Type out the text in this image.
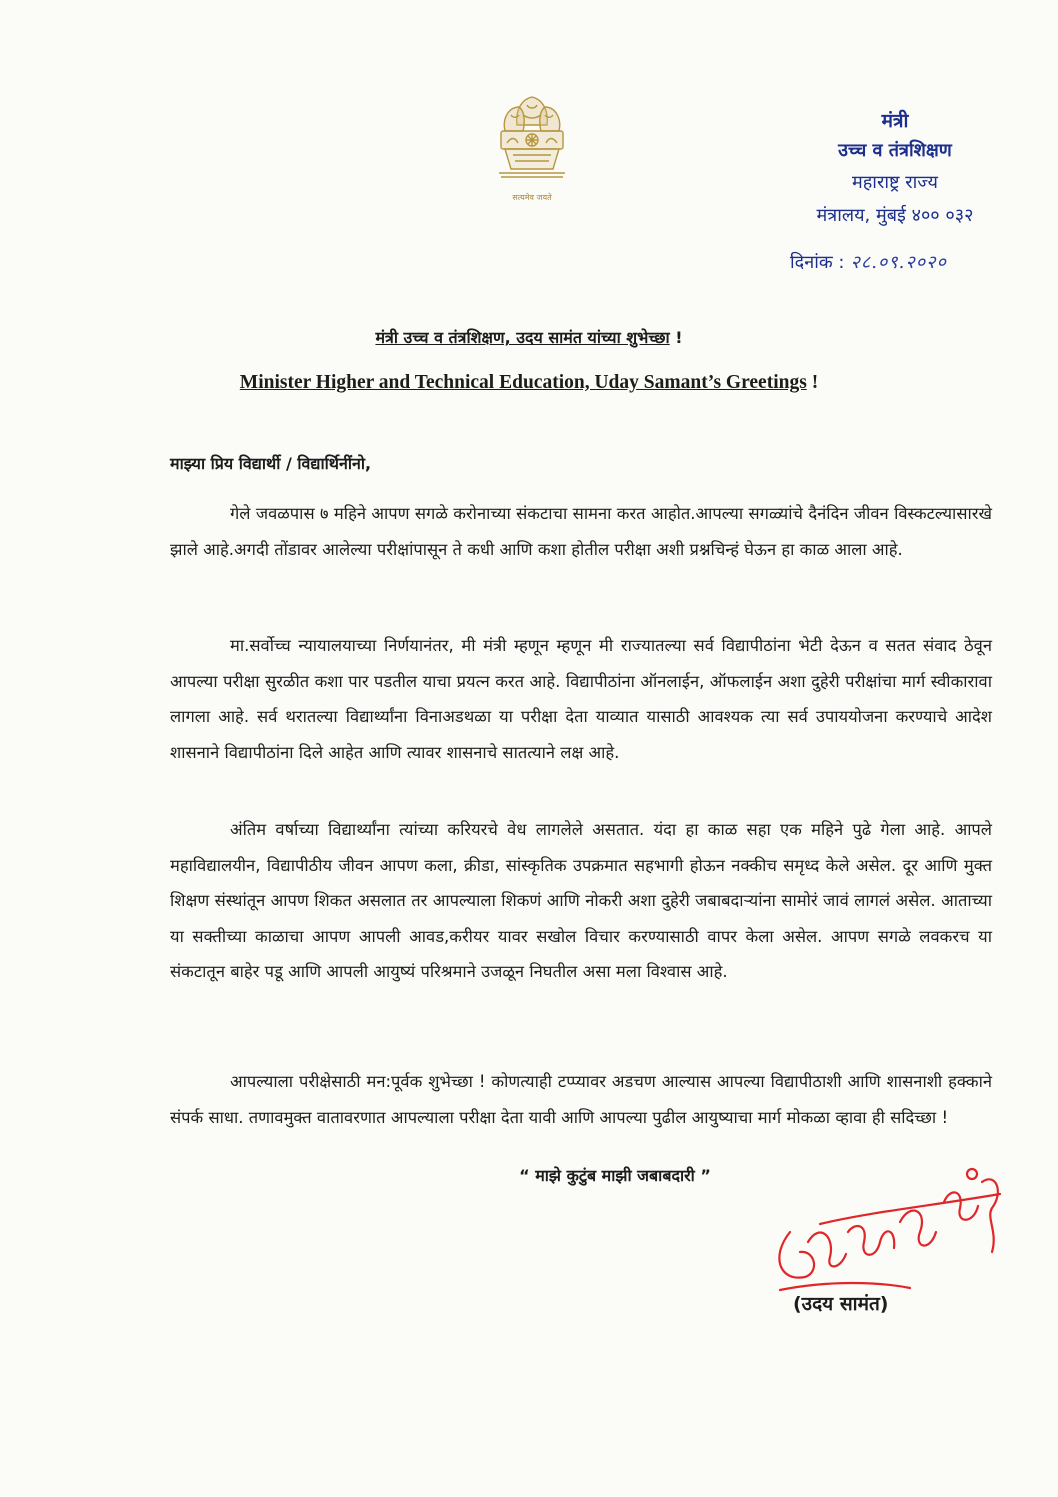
सत्यमेव जयते
मंत्री
उच्च व तंत्रशिक्षण
महाराष्ट्र राज्य
मंत्रालय, मुंबई ४०० ०३२
दिनांक : २८.०९.२०२०
मंत्री उच्च व तंत्रशिक्षण, उदय सामंत यांच्या शुभेच्छा !
Minister Higher and Technical Education, Uday Samant’s Greetings !
माझ्या प्रिय विद्यार्थी / विद्यार्थिनींनो,

गेले जवळपास ७ महिने आपण सगळे करोनाच्या संकटाचा सामना करत आहोत.आपल्या सगळ्यांचे दैनंदिन जीवन विस्कटल्यासारखे झाले आहे.अगदी तोंडावर आलेल्या परीक्षांपासून ते कधी आणि कशा होतील परीक्षा अशी प्रश्नचिन्हं घेऊन हा काळ आला आहे.

मा.सर्वोच्च न्यायालयाच्या निर्णयानंतर, मी मंत्री म्हणून म्हणून मी राज्यातल्या सर्व विद्यापीठांना भेटी देऊन व सतत संवाद ठेवून आपल्या परीक्षा सुरळीत कशा पार पडतील याचा प्रयत्न करत आहे. विद्यापीठांना ऑनलाईन, ऑफलाईन अशा दुहेरी परीक्षांचा मार्ग स्वीकारावा लागला आहे. सर्व थरातल्या विद्यार्थ्यांना विनाअडथळा या परीक्षा देता याव्यात यासाठी आवश्यक त्या सर्व उपाययोजना करण्याचे आदेश शासनाने विद्यापीठांना दिले आहेत आणि त्यावर शासनाचे सातत्याने लक्ष आहे.

अंतिम वर्षाच्या विद्यार्थ्यांना त्यांच्या करियरचे वेध लागलेले असतात. यंदा हा काळ सहा एक महिने पुढे गेला आहे. आपले महाविद्यालयीन, विद्यापीठीय जीवन आपण कला, क्रीडा, सांस्कृतिक उपक्रमात सहभागी होऊन नक्कीच समृध्द केले असेल. दूर आणि मुक्त शिक्षण संस्थांतून आपण शिकत असलात तर आपल्याला शिकणं आणि नोकरी अशा दुहेरी जबाबदाऱ्यांना सामोरं जावं लागलं असेल. आताच्या या सक्तीच्या काळाचा आपण आपली आवड,करीयर यावर सखोल विचार करण्यासाठी वापर केला असेल. आपण सगळे लवकरच या संकटातून बाहेर पडू आणि आपली आयुष्यं परिश्रमाने उजळून निघतील असा मला विश्वास आहे.

आपल्याला परीक्षेसाठी मन:पूर्वक शुभेच्छा ! कोणत्याही टप्प्यावर अडचण आल्यास आपल्या विद्यापीठाशी आणि शासनाशी हक्काने संपर्क साधा. तणावमुक्त वातावरणात आपल्याला परीक्षा देता यावी आणि आपल्या पुढील आयुष्याचा मार्ग मोकळा व्हावा ही सदिच्छा !

“ माझे कुटुंब माझी जबाबदारी ”
(उदय सामंत)
